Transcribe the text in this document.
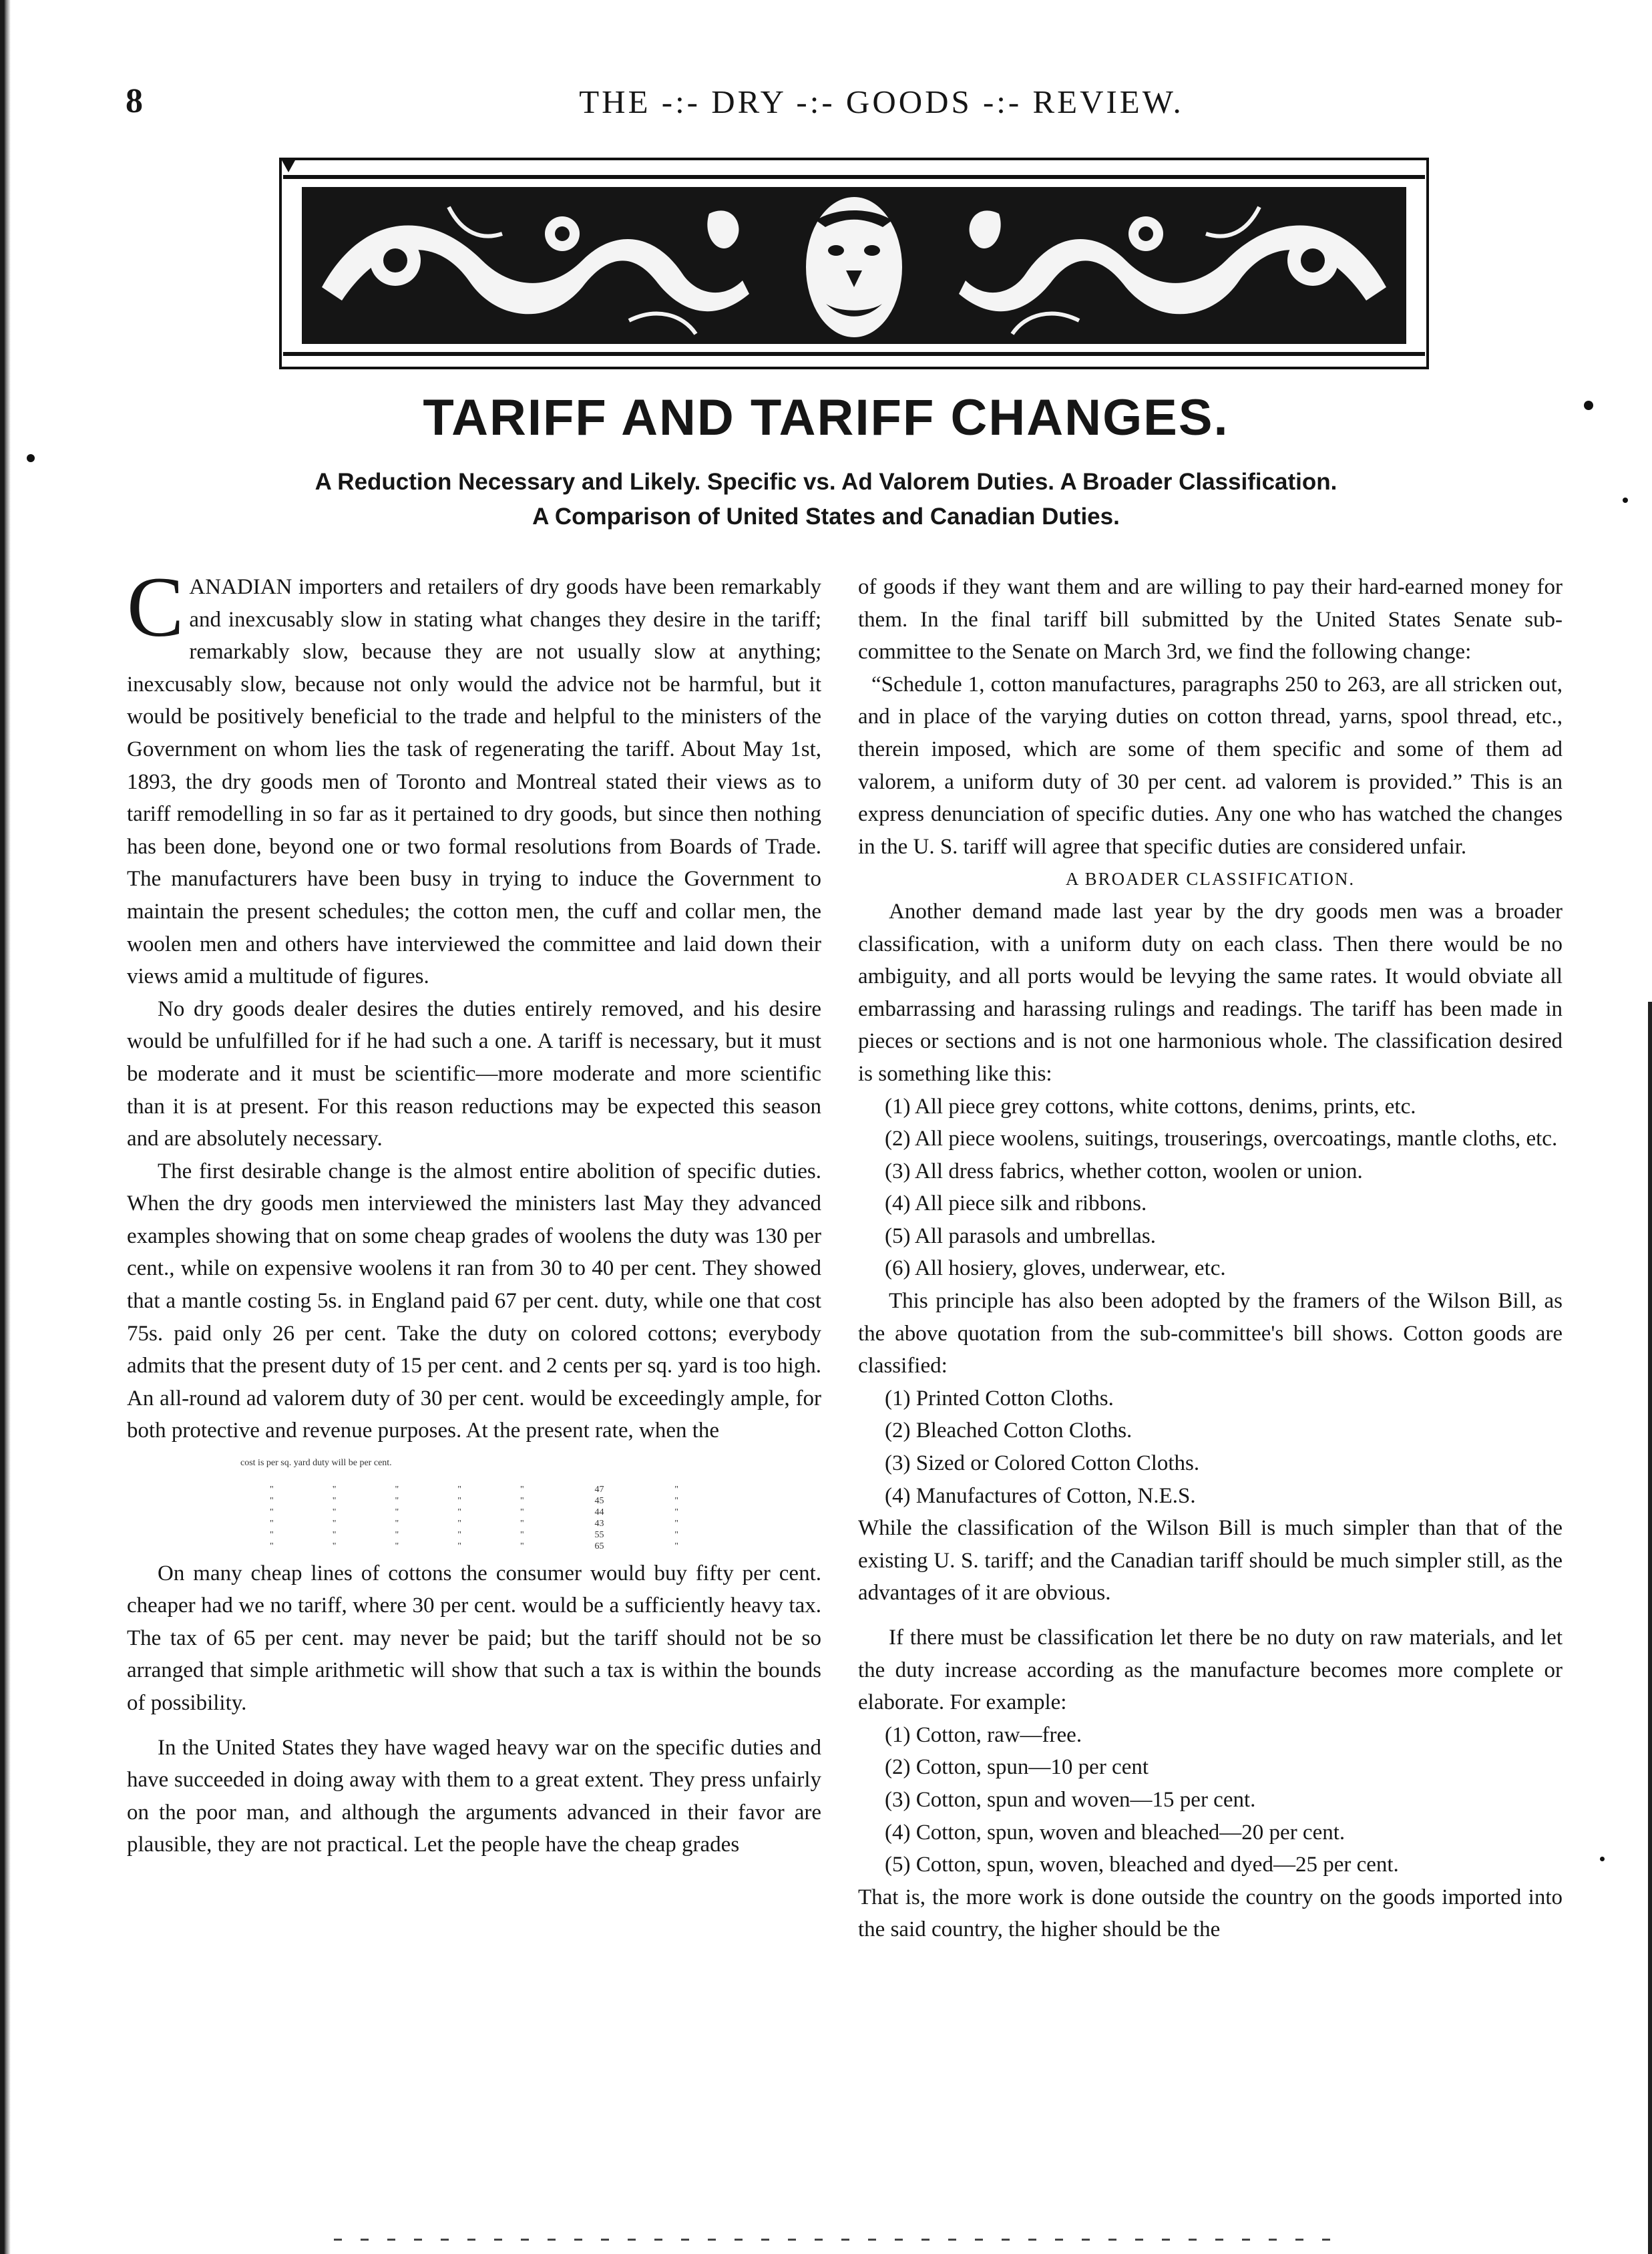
8	THE -:- DRY -:- GOODS -:- REVIEW.
TARIFF AND TARIFF CHANGES.
A Reduction Necessary and Likely. Specific vs. Ad Valorem Duties. A Broader Classification.
A Comparison of United States and Canadian Duties.

CANADIAN importers and retailers of dry goods have been remarkably and inexcusably slow in stating what changes they desire in the tariff; remarkably slow, because they are not usually slow at anything; inexcusably slow, because not only would the advice not be harmful, but it would be positively beneficial to the trade and helpful to the ministers of the Government on whom lies the task of regenerating the tariff. About May 1st, 1893, the dry goods men of Toronto and Montreal stated their views as to tariff remodelling in so far as it pertained to dry goods, but since then nothing has been done, beyond one or two formal resolutions from Boards of Trade. The manufacturers have been busy in trying to induce the Government to maintain the present schedules; the cotton men, the cuff and collar men, the woolen men and others have interviewed the committee and laid down their views amid a multitude of figures.

No dry goods dealer desires the duties entirely removed, and his desire would be unfulfilled for if he had such a one. A tariff is necessary, but it must be moderate and it must be scientific—more moderate and more scientific than it is at present. For this reason reductions may be expected this season and are absolutely necessary.

The first desirable change is the almost entire abolition of specific duties. When the dry goods men interviewed the ministers last May they advanced examples showing that on some cheap grades of woolens the duty was 130 per cent., while on expensive woolens it ran from 30 to 40 per cent. They showed that a mantle costing 5s. in England paid 67 per cent. duty, while one that cost 75s. paid only 26 per cent. Take the duty on colored cottons; everybody admits that the present duty of 15 per cent. and 2 cents per sq. yard is too high. An all-round ad valorem duty of 30 per cent. would be exceedingly ample, for both protective and revenue purposes. At the present rate, when the

cost is per sq. yard duty will be per cent.
"	"	"	"	"	47	"
"	"	"	"	"	45	"
"	"	"	"	"	44	"
"	"	"	"	"	43	"
"	"	"	"	"	55	"
"	"	"	"	"	65	"

On many cheap lines of cottons the consumer would buy fifty per cent. cheaper had we no tariff, where 30 per cent. would be a sufficiently heavy tax. The tax of 65 per cent. may never be paid; but the tariff should not be so arranged that simple arithmetic will show that such a tax is within the bounds of possibility.

In the United States they have waged heavy war on the specific duties and have succeeded in doing away with them to a great extent. They press unfairly on the poor man, and although the arguments advanced in their favor are plausible, they are not practical. Let the people have the cheap grades

of goods if they want them and are willing to pay their hard-earned money for them. In the final tariff bill submitted by the United States Senate sub-committee to the Senate on March 3rd, we find the following change:

“Schedule 1, cotton manufactures, paragraphs 250 to 263, are all stricken out, and in place of the varying duties on cotton thread, yarns, spool thread, etc., therein imposed, which are some of them specific and some of them ad valorem, a uniform duty of 30 per cent. ad valorem is provided.” This is an express denunciation of specific duties. Any one who has watched the changes in the U. S. tariff will agree that specific duties are considered unfair.

A BROADER CLASSIFICATION.

Another demand made last year by the dry goods men was a broader classification, with a uniform duty on each class. Then there would be no ambiguity, and all ports would be levying the same rates. It would obviate all embarrassing and harassing rulings and readings. The tariff has been made in pieces or sections and is not one harmonious whole. The classification desired is something like this:

(1) All piece grey cottons, white cottons, denims, prints, etc.
(2) All piece woolens, suitings, trouserings, overcoatings, mantle cloths, etc.
(3) All dress fabrics, whether cotton, woolen or union.
(4) All piece silk and ribbons.
(5) All parasols and umbrellas.
(6) All hosiery, gloves, underwear, etc.

This principle has also been adopted by the framers of the Wilson Bill, as the above quotation from the sub-committee's bill shows. Cotton goods are classified:

(1) Printed Cotton Cloths.
(2) Bleached Cotton Cloths.
(3) Sized or Colored Cotton Cloths.
(4) Manufactures of Cotton, N.E.S.

While the classification of the Wilson Bill is much simpler than that of the existing U. S. tariff; and the Canadian tariff should be much simpler still, as the advantages of it are obvious.

If there must be classification let there be no duty on raw materials, and let the duty increase according as the manufacture becomes more complete or elaborate. For example:

(1) Cotton, raw—free.
(2) Cotton, spun—10 per cent
(3) Cotton, spun and woven—15 per cent.
(4) Cotton, spun, woven and bleached—20 per cent.
(5) Cotton, spun, woven, bleached and dyed—25 per cent.

That is, the more work is done outside the country on the goods imported into the said country, the higher should be the
